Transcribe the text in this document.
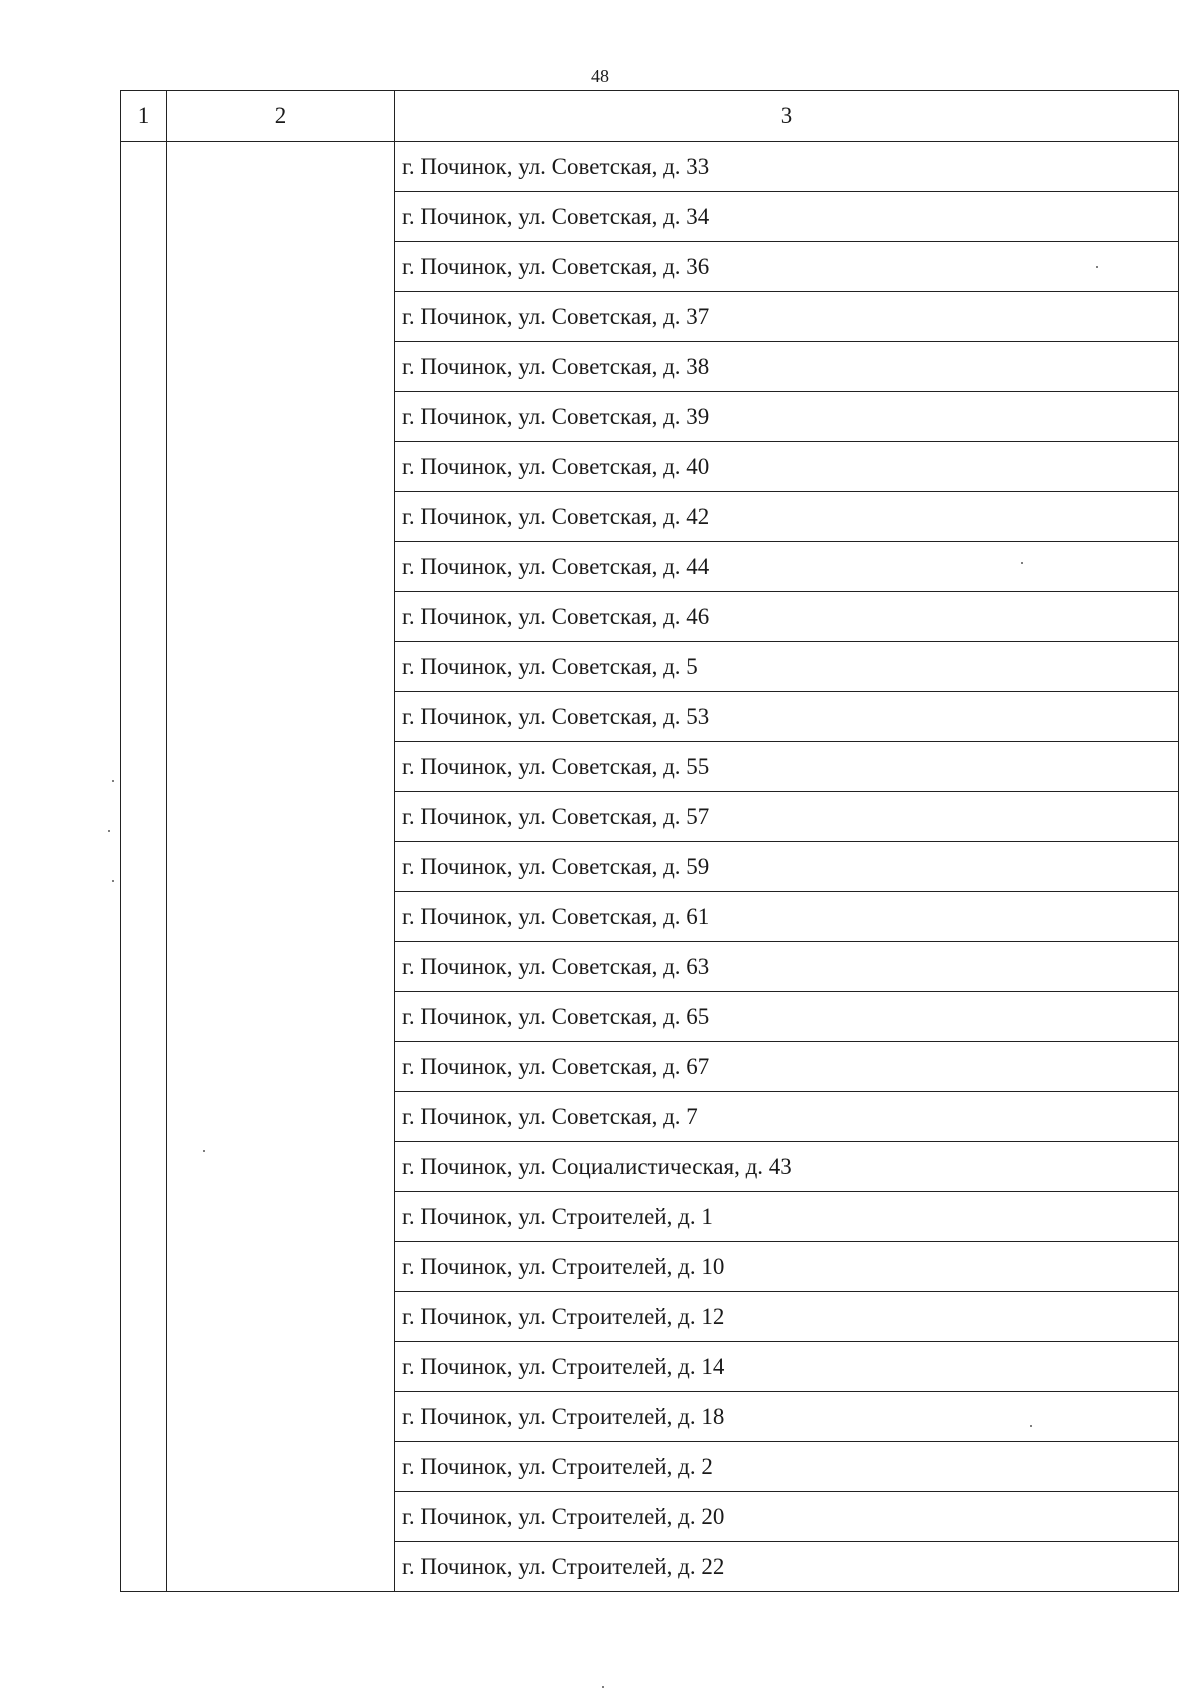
48
1	2	3
		г. Починок, ул. Советская, д. 33
		г. Починок, ул. Советская, д. 34
		г. Починок, ул. Советская, д. 36
		г. Починок, ул. Советская, д. 37
		г. Починок, ул. Советская, д. 38
		г. Починок, ул. Советская, д. 39
		г. Починок, ул. Советская, д. 40
		г. Починок, ул. Советская, д. 42
		г. Починок, ул. Советская, д. 44
		г. Починок, ул. Советская, д. 46
		г. Починок, ул. Советская, д. 5
		г. Починок, ул. Советская, д. 53
		г. Починок, ул. Советская, д. 55
		г. Починок, ул. Советская, д. 57
		г. Починок, ул. Советская, д. 59
		г. Починок, ул. Советская, д. 61
		г. Починок, ул. Советская, д. 63
		г. Починок, ул. Советская, д. 65
		г. Починок, ул. Советская, д. 67
		г. Починок, ул. Советская, д. 7
		г. Починок, ул. Социалистическая, д. 43
		г. Починок, ул. Строителей, д. 1
		г. Починок, ул. Строителей, д. 10
		г. Починок, ул. Строителей, д. 12
		г. Починок, ул. Строителей, д. 14
		г. Починок, ул. Строителей, д. 18
		г. Починок, ул. Строителей, д. 2
		г. Починок, ул. Строителей, д. 20
		г. Починок, ул. Строителей, д. 22
